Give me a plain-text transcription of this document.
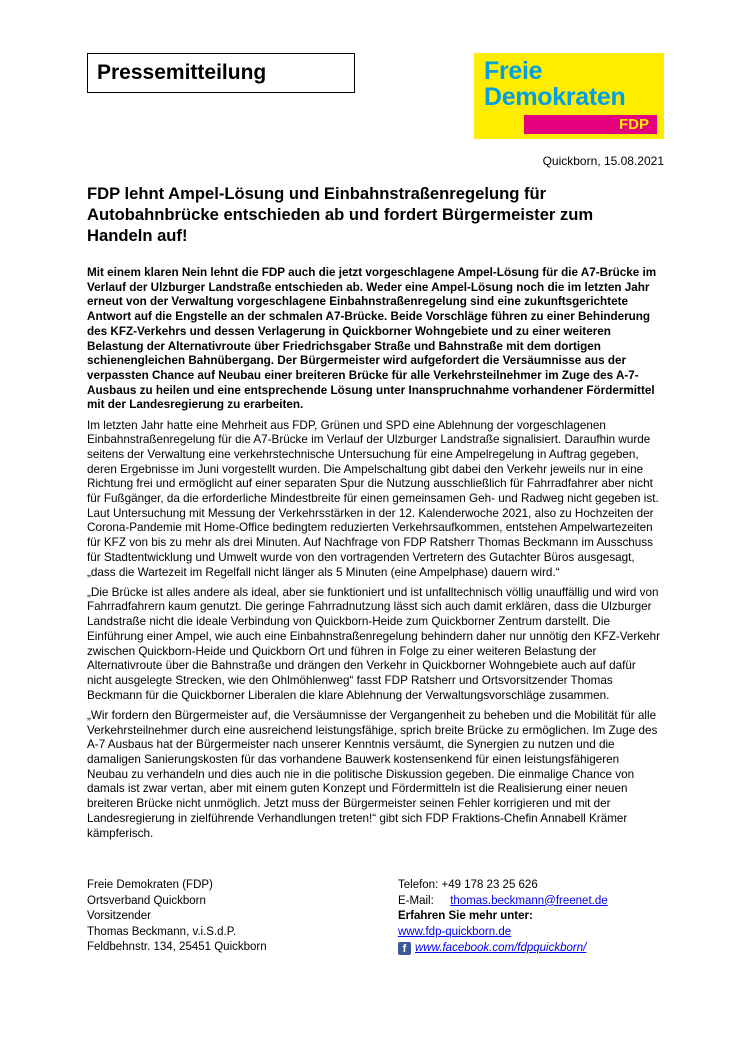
Pressemitteilung	Freie
Demokraten
FDP
Quickborn, 15.08.2021
FDP lehnt Ampel-Lösung und Einbahnstraßenregelung für Autobahnbrücke entschieden ab und fordert Bürgermeister zum Handeln auf!

Mit einem klaren Nein lehnt die FDP auch die jetzt vorgeschlagene Ampel-Lösung für die A7-Brücke im Verlauf der Ulzburger Landstraße entschieden ab. Weder eine Ampel-Lösung noch die im letzten Jahr erneut von der Verwaltung vorgeschlagene Einbahnstraßenregelung sind eine zukunftsgerichtete Antwort auf die Engstelle an der schmalen A7-Brücke. Beide Vorschläge führen zu einer Behinderung des KFZ-Verkehrs und dessen Verlagerung in Quickborner Wohngebiete und zu einer weiteren Belastung der Alternativroute über Friedrichsgaber Straße und Bahnstraße mit dem dortigen schienengleichen Bahnübergang. Der Bürgermeister wird aufgefordert die Versäumnisse aus der verpassten Chance auf Neubau einer breiteren Brücke für alle Verkehrsteilnehmer im Zuge des A-7-Ausbaus zu heilen und eine entsprechende Lösung unter Inanspruchnahme vorhandener Fördermittel mit der Landesregierung zu erarbeiten.

Im letzten Jahr hatte eine Mehrheit aus FDP, Grünen und SPD eine Ablehnung der vorgeschlagenen Einbahnstraßenregelung für die A7-Brücke im Verlauf der Ulzburger Landstraße signalisiert. Daraufhin wurde seitens der Verwaltung eine verkehrstechnische Untersuchung für eine Ampelregelung in Auftrag gegeben, deren Ergebnisse im Juni vorgestellt wurden. Die Ampelschaltung gibt dabei den Verkehr jeweils nur in eine Richtung frei und ermöglicht auf einer separaten Spur die Nutzung ausschließlich für Fahrradfahrer aber nicht für Fußgänger, da die erforderliche Mindestbreite für einen gemeinsamen Geh- und Radweg nicht gegeben ist. Laut Untersuchung mit Messung der Verkehrsstärken in der 12. Kalenderwoche 2021, also zu Hochzeiten der Corona-Pandemie mit Home-Office bedingtem reduzierten Verkehrsaufkommen, entstehen Ampelwartezeiten für KFZ von bis zu mehr als drei Minuten. Auf Nachfrage von FDP Ratsherr Thomas Beckmann im Ausschuss für Stadtentwicklung und Umwelt wurde von den vortragenden Vertretern des Gutachter Büros ausgesagt, „dass die Wartezeit im Regelfall nicht länger als 5 Minuten (eine Ampelphase) dauern wird.“

„Die Brücke ist alles andere als ideal, aber sie funktioniert und ist unfalltechnisch völlig unauffällig und wird von Fahrradfahrern kaum genutzt. Die geringe Fahrradnutzung lässt sich auch damit erklären, dass die Ulzburger Landstraße nicht die ideale Verbindung von Quickborn-Heide zum Quickborner Zentrum darstellt. Die Einführung einer Ampel, wie auch eine Einbahnstraßenregelung behindern daher nur unnötig den KFZ-Verkehr zwischen Quickborn-Heide und Quickborn Ort und führen in Folge zu einer weiteren Belastung der Alternativroute über die Bahnstraße und drängen den Verkehr in Quickborner Wohngebiete auch auf dafür nicht ausgelegte Strecken, wie den Ohlmöhlenweg“ fasst FDP Ratsherr und Ortsvorsitzender Thomas Beckmann für die Quickborner Liberalen die klare Ablehnung der Verwaltungsvorschläge zusammen.

„Wir fordern den Bürgermeister auf, die Versäumnisse der Vergangenheit zu beheben und die Mobilität für alle Verkehrsteilnehmer durch eine ausreichend leistungsfähige, sprich breite Brücke zu ermöglichen. Im Zuge des A-7 Ausbaus hat der Bürgermeister nach unserer Kenntnis versäumt, die Synergien zu nutzen und die damaligen Sanierungskosten für das vorhandene Bauwerk kostensenkend für einen leistungsfähigeren Neubau zu verhandeln und dies auch nie in die politische Diskussion gegeben. Die einmalige Chance von damals ist zwar vertan, aber mit einem guten Konzept und Fördermitteln ist die Realisierung einer neuen breiteren Brücke nicht unmöglich. Jetzt muss der Bürgermeister seinen Fehler korrigieren und mit der Landesregierung in zielführende Verhandlungen treten!“ gibt sich FDP Fraktions-Chefin Annabell Krämer kämpferisch.

Freie Demokraten (FDP)
Ortsverband Quickborn
Vorsitzender
Thomas Beckmann, v.i.S.d.P.
Feldbehnstr. 134, 25451 Quickborn
Telefon: +49 178 23 25 626
E-Mail: thomas.beckmann@freenet.de
Erfahren Sie mehr unter:
www.fdp-quickborn.de
f www.facebook.com/fdpquickborn/
